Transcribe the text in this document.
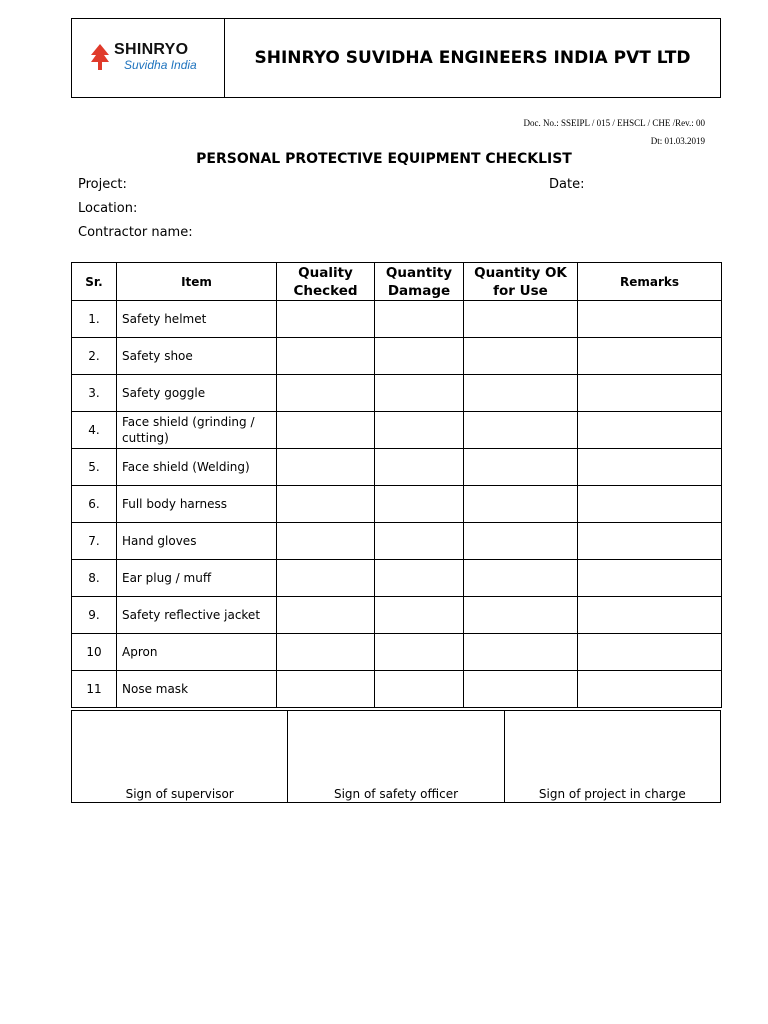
SHINRYO
Suvidha India	SHINRYO SUVIDHA ENGINEERS INDIA PVT LTD
Doc. No.: SSEIPL / 015 / EHSCL / CHE /Rev.: 00
Dt: 01.03.2019
PERSONAL PROTECTIVE EQUIPMENT CHECKLIST
Project:	Date:
Location:
Contractor name:
Sr.	Item	Quality Checked	Quantity Damage	Quantity OK for Use	Remarks
1.	Safety helmet				
2.	Safety shoe				
3.	Safety goggle				
4.	Face shield (grinding / cutting)				
5.	Face shield (Welding)				
6.	Full body harness				
7.	Hand gloves				
8.	Ear plug / muff				
9.	Safety reflective jacket				
10	Apron				
11	Nose mask				
Sign of supervisor	Sign of safety officer	Sign of project in charge
